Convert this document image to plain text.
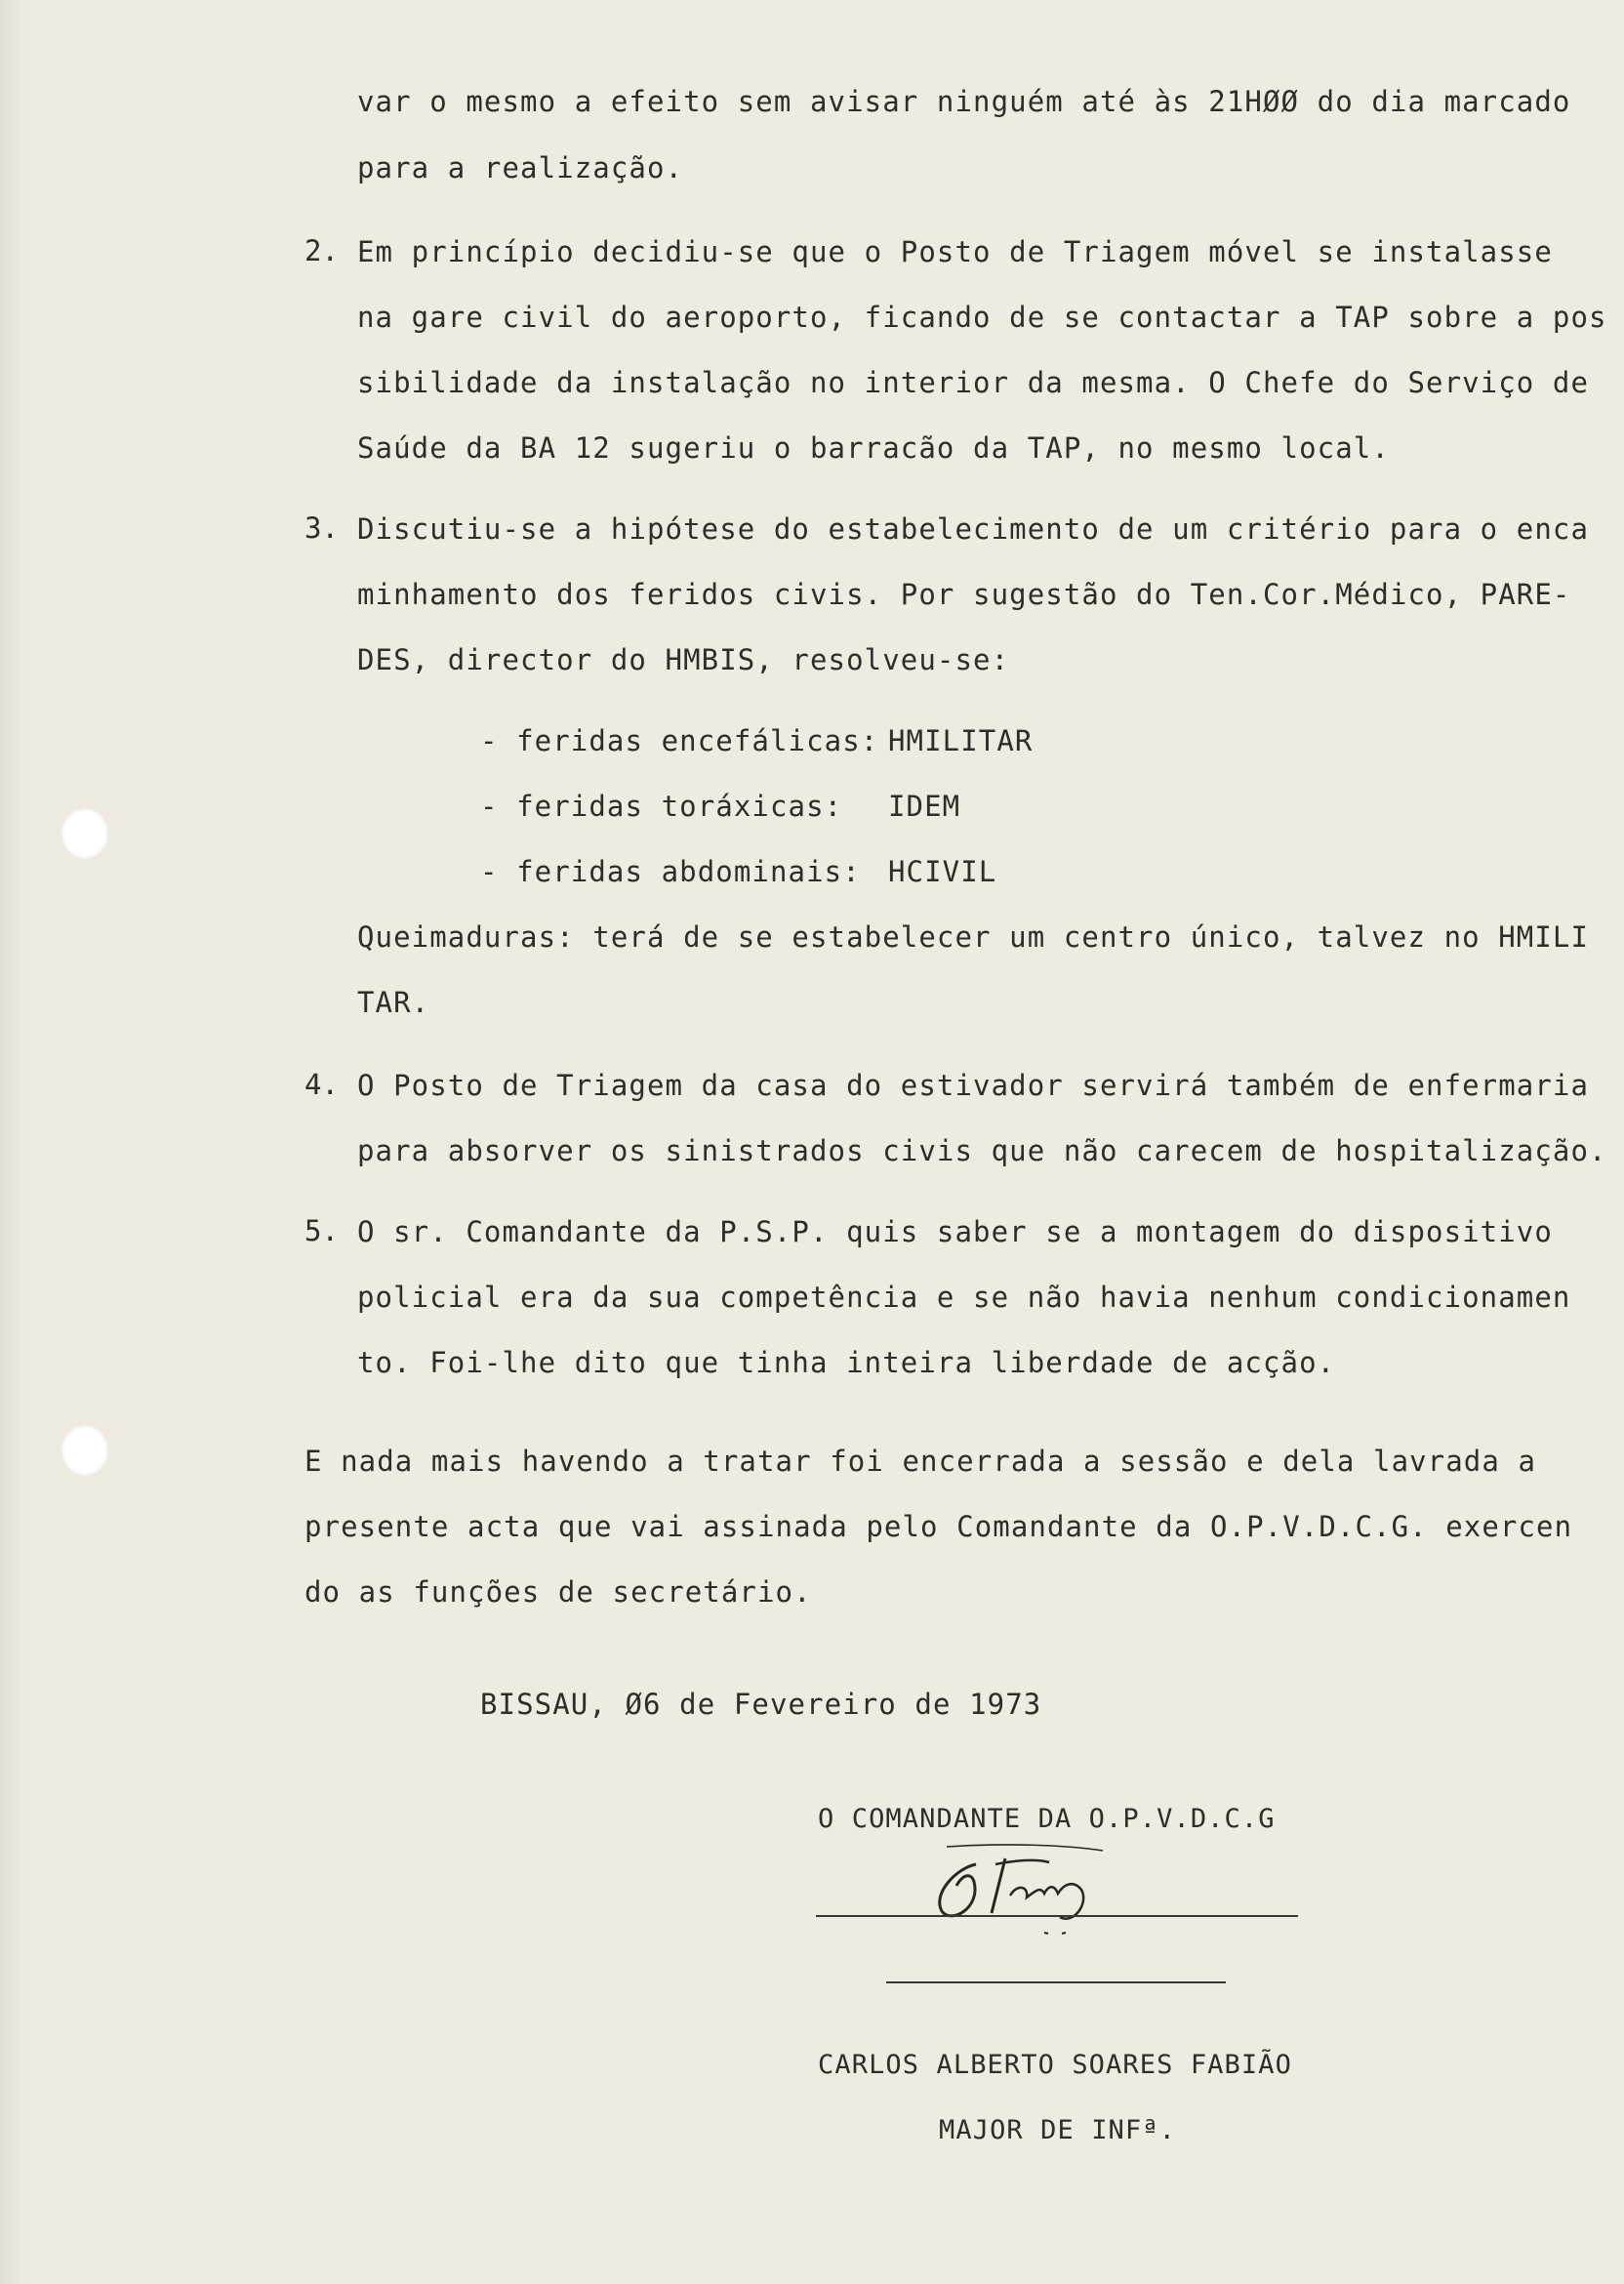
var o mesmo a efeito sem avisar ninguém até às 21HØØ do dia marcado
para a realização.
2. Em princípio decidiu-se que o Posto de Triagem móvel se instalasse
na gare civil do aeroporto, ficando de se contactar a TAP sobre a pos
sibilidade da instalação no interior da mesma. O Chefe do Serviço de
Saúde da BA 12 sugeriu o barracão da TAP, no mesmo local.
3. Discutiu-se a hipótese do estabelecimento de um critério para o enca
minhamento dos feridos civis. Por sugestão do Ten.Cor.Médico, PARE-
DES, director do HMBIS, resolveu-se:
- feridas encefálicas: HMILITAR
- feridas toráxicas: IDEM
- feridas abdominais: HCIVIL
Queimaduras: terá de se estabelecer um centro único, talvez no HMILI
TAR.
4. O Posto de Triagem da casa do estivador servirá também de enfermaria
para absorver os sinistrados civis que não carecem de hospitalização.
5. O sr. Comandante da P.S.P. quis saber se a montagem do dispositivo
policial era da sua competência e se não havia nenhum condicionamen
to. Foi-lhe dito que tinha inteira liberdade de acção.
E nada mais havendo a tratar foi encerrada a sessão e dela lavrada a
presente acta que vai assinada pelo Comandante da O.P.V.D.C.G. exercen
do as funções de secretário.
BISSAU, Ø6 de Fevereiro de 1973
O COMANDANTE DA O.P.V.D.C.G
CARLOS ALBERTO SOARES FABIÃO
MAJOR DE INFª.
